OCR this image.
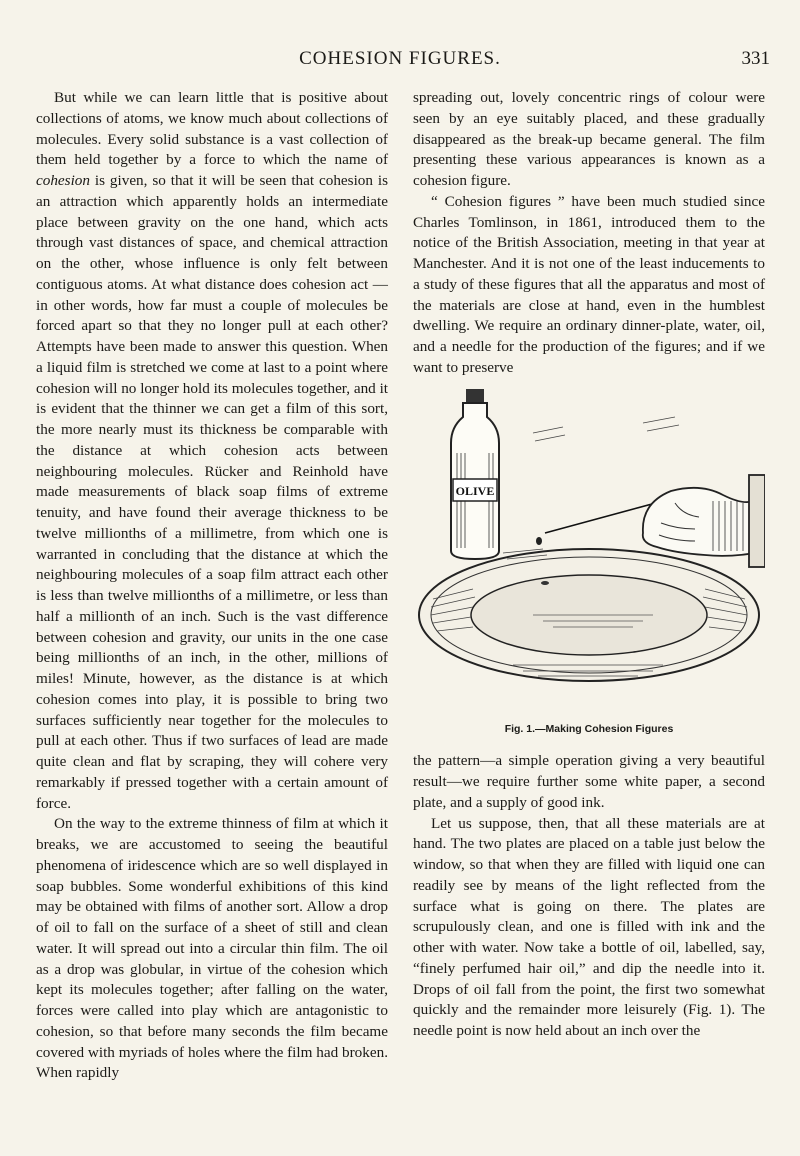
COHESION FIGURES.	331

But while we can learn little that is positive about collections of atoms, we know much about collections of molecules. Every solid substance is a vast collection of them held together by a force to which the name of cohesion is given, so that it will be seen that cohesion is an attraction which apparently holds an intermediate place between gravity on the one hand, which acts through vast distances of space, and chemical attraction on the other, whose influence is only felt between contiguous atoms. At what distance does cohesion act —in other words, how far must a couple of molecules be forced apart so that they no longer pull at each other? Attempts have been made to answer this question. When a liquid film is stretched we come at last to a point where cohesion will no longer hold its molecules together, and it is evident that the thinner we can get a film of this sort, the more nearly must its thickness be comparable with the distance at which cohesion acts between neighbouring molecules. Rücker and Reinhold have made measurements of black soap films of extreme tenuity, and have found their average thickness to be twelve millionths of a millimetre, from which one is warranted in concluding that the distance at which the neighbouring molecules of a soap film attract each other is less than twelve millionths of a millimetre, or less than half a millionth of an inch. Such is the vast difference between cohesion and gravity, our units in the one case being millionths of an inch, in the other, millions of miles! Minute, however, as the distance is at which cohesion comes into play, it is possible to bring two surfaces sufficiently near together for the molecules to pull at each other. Thus if two surfaces of lead are made quite clean and flat by scraping, they will cohere very remarkably if pressed together with a certain amount of force.

On the way to the extreme thinness of film at which it breaks, we are accustomed to seeing the beautiful phenomena of iridescence which are so well displayed in soap bubbles. Some wonderful exhibitions of this kind may be obtained with films of another sort. Allow a drop of oil to fall on the surface of a sheet of still and clean water. It will spread out into a circular thin film. The oil as a drop was globular, in virtue of the cohesion which kept its molecules together; after falling on the water, forces were called into play which are antagonistic to cohesion, so that before many seconds the film became covered with myriads of holes where the film had broken. When rapidly

spreading out, lovely concentric rings of colour were seen by an eye suitably placed, and these gradually disappeared as the break-up became general. The film presenting these various appearances is known as a cohesion figure.

“ Cohesion figures ” have been much studied since Charles Tomlinson, in 1861, introduced them to the notice of the British Association, meeting in that year at Manchester. And it is not one of the least inducements to a study of these figures that all the apparatus and most of the materials are close at hand, even in the humblest dwelling. We require an ordinary dinner-plate, water, oil, and a needle for the production of the figures; and if we want to preserve

OLIVE
Fig. 1.—Making Cohesion Figures

the pattern—a simple operation giving a very beautiful result—we require further some white paper, a second plate, and a supply of good ink.

Let us suppose, then, that all these materials are at hand. The two plates are placed on a table just below the window, so that when they are filled with liquid one can readily see by means of the light reflected from the surface what is going on there. The plates are scrupulously clean, and one is filled with ink and the other with water. Now take a bottle of oil, labelled, say, “finely perfumed hair oil,” and dip the needle into it. Drops of oil fall from the point, the first two somewhat quickly and the remainder more leisurely (Fig. 1). The needle point is now held about an inch over the
